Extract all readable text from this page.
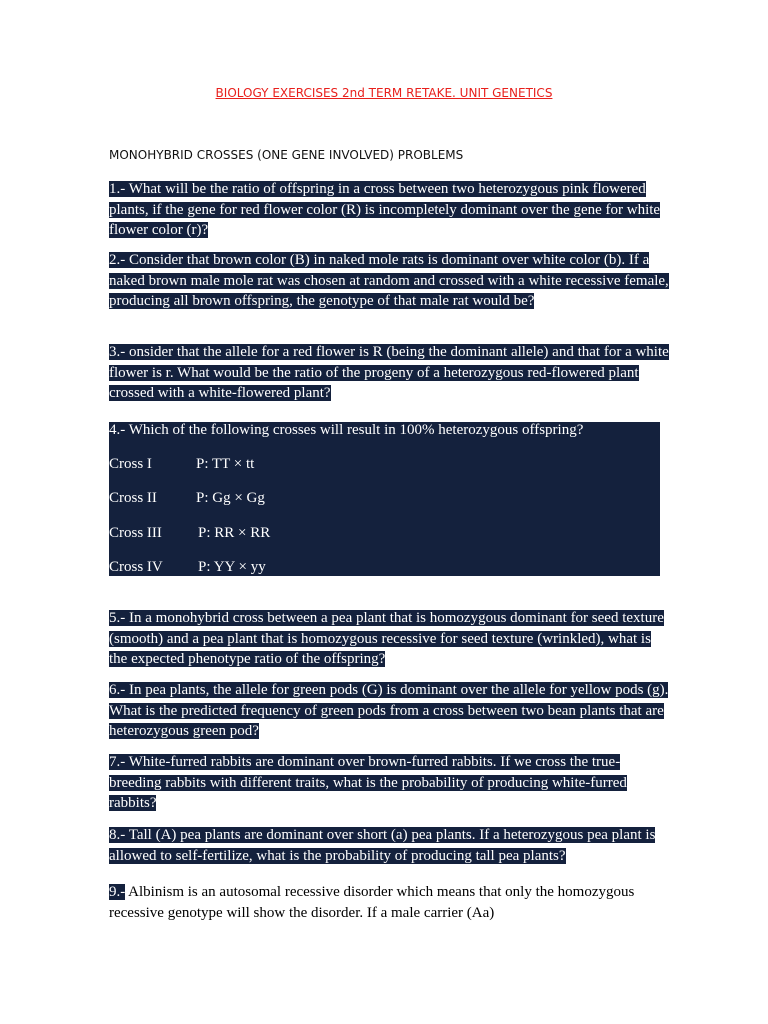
BIOLOGY EXERCISES 2nd TERM RETAKE. UNIT GENETICS
MONOHYBRID CROSSES (ONE GENE INVOLVED) PROBLEMS
1.- What will be the ratio of offspring in a cross between two heterozygous pink flowered plants, if the gene for red flower color (R) is incompletely dominant over the gene for white flower color (r)?
2.- Consider that brown color (B) in naked mole rats is dominant over white color (b). If a naked brown male mole rat was chosen at random and crossed with a white recessive female, producing all brown offspring, the genotype of that male rat would be?
3.- onsider that the allele for a red flower is R (being the dominant allele) and that for a white flower is r. What would be the ratio of the progeny of a heterozygous red-flowered plant crossed with a white-flowered plant?
4.- Which of the following crosses will result in 100% heterozygous offspring?
Cross I	P: TT × tt
Cross II	P: Gg × Gg
Cross III P: RR × RR
Cross IV P: YY × yy
5.- In a monohybrid cross between a pea plant that is homozygous dominant for seed texture (smooth) and a pea plant that is homozygous recessive for seed texture (wrinkled), what is the expected phenotype ratio of the offspring?
6.- In pea plants, the allele for green pods (G) is dominant over the allele for yellow pods (g). What is the predicted frequency of green pods from a cross between two bean plants that are heterozygous green pod?
7.- White-furred rabbits are dominant over brown-furred rabbits. If we cross the true-breeding rabbits with different traits, what is the probability of producing white-furred rabbits?
8.- Tall (A) pea plants are dominant over short (a) pea plants. If a heterozygous pea plant is allowed to self-fertilize, what is the probability of producing tall pea plants?
9.- Albinism is an autosomal recessive disorder which means that only the homozygous recessive genotype will show the disorder. If a male carrier (Aa)
